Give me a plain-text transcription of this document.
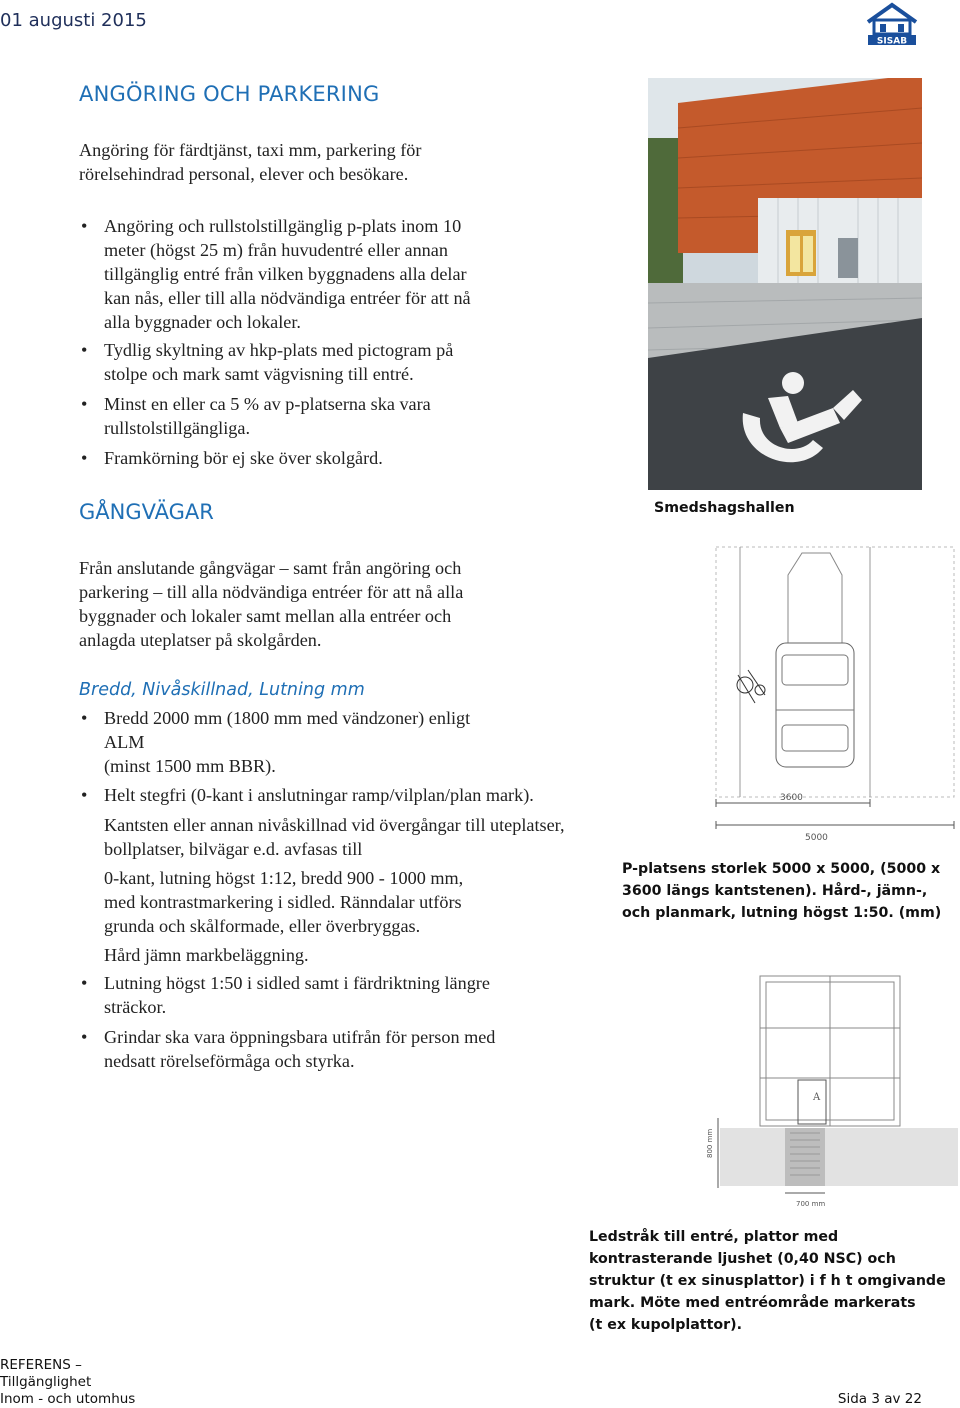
01 augusti 2015
SISAB
ANGÖRING OCH PARKERING
Angöring för färdtjänst, taxi mm, parkering för
rörelsehindrad personal, elever och besökare.
• Angöring och rullstolstillgänglig p-plats inom 10
meter (högst 25 m) från huvudentré eller annan
tillgänglig entré från vilken byggnadens alla delar
kan nås, eller till alla nödvändiga entréer för att nå
alla byggnader och lokaler.
• Tydlig skyltning av hkp-plats med pictogram på
stolpe och mark samt vägvisning till entré.
• Minst en eller ca 5 % av p-platserna ska vara
rullstolstillgängliga.
• Framkörning bör ej ske över skolgård.
Smedshagshallen
GÅNGVÄGAR
Från anslutande gångvägar – samt från angöring och
parkering – till alla nödvändiga entréer för att nå alla
byggnader och lokaler samt mellan alla entréer och
anlagda uteplatser på skolgården.
Bredd, Nivåskillnad, Lutning mm
• Bredd 2000 mm (1800 mm med vändzoner) enligt
ALM
(minst 1500 mm BBR).
• Helt stegfri (0-kant i anslutningar ramp/vilplan/plan mark).
Kantsten eller annan nivåskillnad vid övergångar till uteplatser,
bollplatser, bilvägar e.d. avfasas till
0-kant, lutning högst 1:12, bredd 900 - 1000 mm,
med kontrastmarkering i sidled. Ränndalar utförs
grunda och skålformade, eller överbryggas.
Hård jämn markbeläggning.
• Lutning högst 1:50 i sidled samt i färdriktning längre
sträckor.
• Grindar ska vara öppningsbara utifrån för person med
nedsatt rörelseförmåga och styrka.
3600
5000
P-platsens storlek 5000 x 5000, (5000 x
3600 längs kantstenen). Hård-, jämn-,
och planmark, lutning högst 1:50. (mm)
A
800 mm
700 mm
Ledstråk till entré, plattor med
kontrasterande ljushet (0,40 NSC) och
struktur (t ex sinusplattor) i f h t omgivande
mark. Möte med entréområde markerats
(t ex kupolplattor).
REFERENS –
Tillgänglighet
Inom - och utomhus	Sida 3 av 22
